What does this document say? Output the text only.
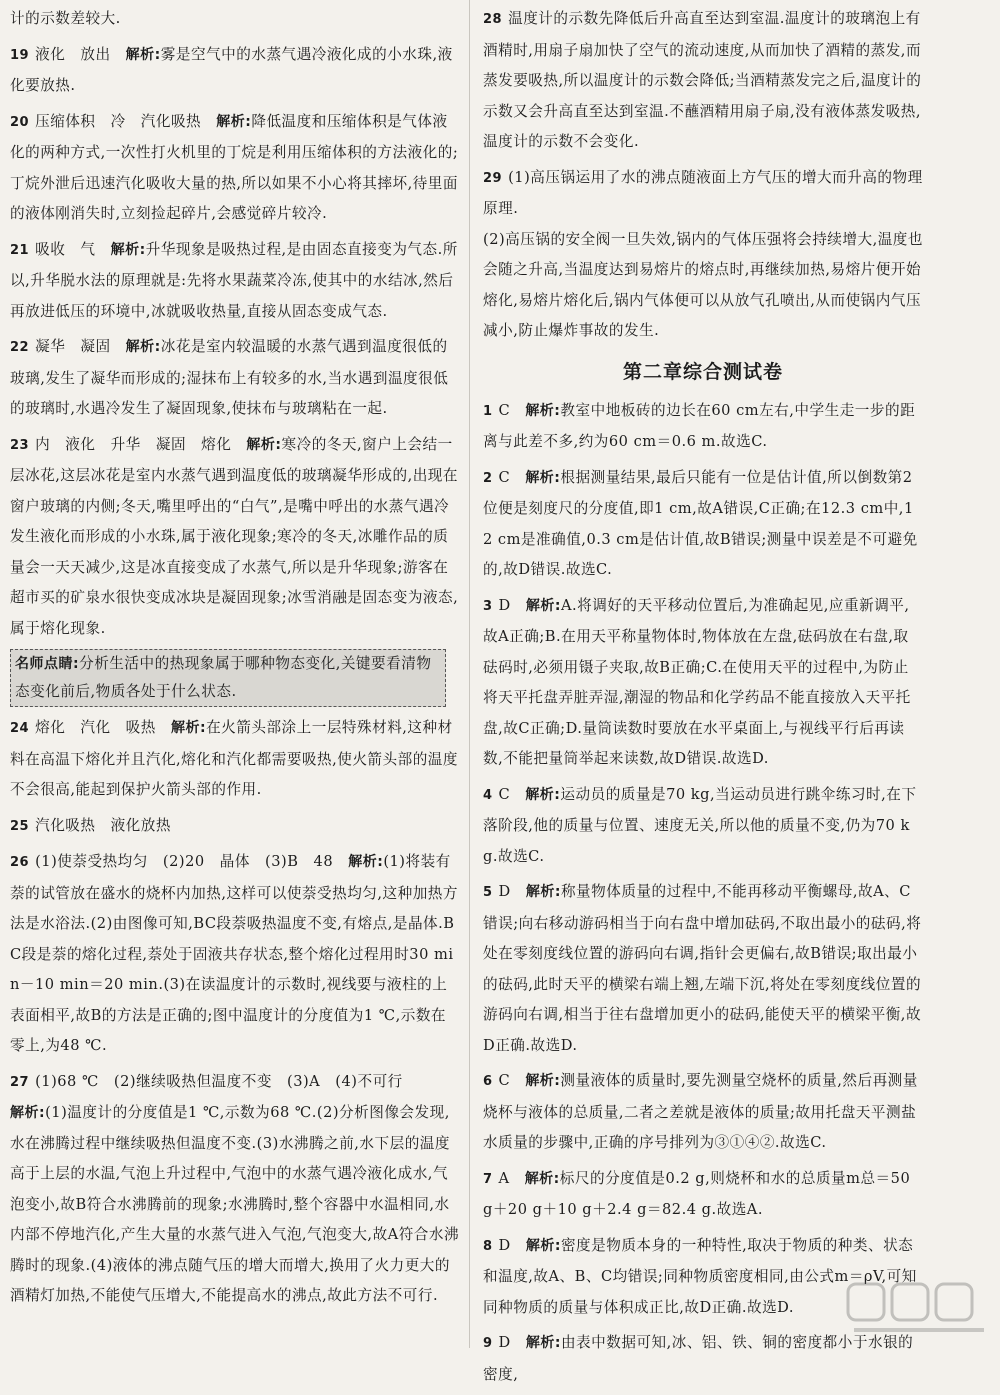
计的示数差较大.
19 液化　放出　解析:雾是空气中的水蒸气遇冷液化成的小水珠,液化要放热.
20 压缩体积　冷　汽化吸热　解析:降低温度和压缩体积是气体液化的两种方式,一次性打火机里的丁烷是利用压缩体积的方法液化的;丁烷外泄后迅速汽化吸收大量的热,所以如果不小心将其摔坏,待里面的液体刚消失时,立刻捡起碎片,会感觉碎片较冷.
21 吸收　气　解析:升华现象是吸热过程,是由固态直接变为气态.所以,升华脱水法的原理就是:先将水果蔬菜冷冻,使其中的水结冰,然后再放进低压的环境中,冰就吸收热量,直接从固态变成气态.
22 凝华　凝固　解析:冰花是室内较温暖的水蒸气遇到温度很低的玻璃,发生了凝华而形成的;湿抹布上有较多的水,当水遇到温度很低的玻璃时,水遇冷发生了凝固现象,使抹布与玻璃粘在一起.
23 内　液化　升华　凝固　熔化　解析:寒冷的冬天,窗户上会结一层冰花,这层冰花是室内水蒸气遇到温度低的玻璃凝华形成的,出现在窗户玻璃的内侧;冬天,嘴里呼出的“白气”,是嘴中呼出的水蒸气遇冷发生液化而形成的小水珠,属于液化现象;寒冷的冬天,冰雕作品的质量会一天天减少,这是冰直接变成了水蒸气,所以是升华现象;游客在超市买的矿泉水很快变成冰块是凝固现象;冰雪消融是固态变为液态,属于熔化现象.
名师点睛:分析生活中的热现象属于哪种物态变化,关键要看清物态变化前后,物质各处于什么状态.
24 熔化　汽化　吸热　解析:在火箭头部涂上一层特殊材料,这种材料在高温下熔化并且汽化,熔化和汽化都需要吸热,使火箭头部的温度不会很高,能起到保护火箭头部的作用.
25 汽化吸热　液化放热
26 (1)使萘受热均匀　(2)20　晶体　(3)B　48　解析:(1)将装有萘的试管放在盛水的烧杯内加热,这样可以使萘受热均匀,这种加热方法是水浴法.(2)由图像可知,BC段萘吸热温度不变,有熔点,是晶体.BC段是萘的熔化过程,萘处于固液共存状态,整个熔化过程用时30 min－10 min＝20 min.(3)在读温度计的示数时,视线要与液柱的上表面相平,故B的方法是正确的;图中温度计的分度值为1 ℃,示数在零上,为48 ℃.
27 (1)68 ℃　(2)继续吸热但温度不变　(3)A　(4)不可行
解析:(1)温度计的分度值是1 ℃,示数为68 ℃.(2)分析图像会发现,水在沸腾过程中继续吸热但温度不变.(3)水沸腾之前,水下层的温度高于上层的水温,气泡上升过程中,气泡中的水蒸气遇冷液化成水,气泡变小,故B符合水沸腾前的现象;水沸腾时,整个容器中水温相同,水内部不停地汽化,产生大量的水蒸气进入气泡,气泡变大,故A符合水沸腾时的现象.(4)液体的沸点随气压的增大而增大,换用了火力更大的酒精灯加热,不能使气压增大,不能提高水的沸点,故此方法不可行.
28 温度计的示数先降低后升高直至达到室温.温度计的玻璃泡上有酒精时,用扇子扇加快了空气的流动速度,从而加快了酒精的蒸发,而蒸发要吸热,所以温度计的示数会降低;当酒精蒸发完之后,温度计的示数又会升高直至达到室温.不蘸酒精用扇子扇,没有液体蒸发吸热,温度计的示数不会变化.
29 (1)高压锅运用了水的沸点随液面上方气压的增大而升高的物理原理.
(2)高压锅的安全阀一旦失效,锅内的气体压强将会持续增大,温度也会随之升高,当温度达到易熔片的熔点时,再继续加热,易熔片便开始熔化,易熔片熔化后,锅内气体便可以从放气孔喷出,从而使锅内气压减小,防止爆炸事故的发生.
第二章综合测试卷
1 C　解析:教室中地板砖的边长在60 cm左右,中学生走一步的距离与此差不多,约为60 cm＝0.6 m.故选C.
2 C　解析:根据测量结果,最后只能有一位是估计值,所以倒数第2位便是刻度尺的分度值,即1 cm,故A错误,C正确;在12.3 cm中,12 cm是准确值,0.3 cm是估计值,故B错误;测量中误差是不可避免的,故D错误.故选C.
3 D　解析:A.将调好的天平移动位置后,为准确起见,应重新调平,故A正确;B.在用天平称量物体时,物体放在左盘,砝码放在右盘,取砝码时,必须用镊子夹取,故B正确;C.在使用天平的过程中,为防止将天平托盘弄脏弄湿,潮湿的物品和化学药品不能直接放入天平托盘,故C正确;D.量筒读数时要放在水平桌面上,与视线平行后再读数,不能把量筒举起来读数,故D错误.故选D.
4 C　解析:运动员的质量是70 kg,当运动员进行跳伞练习时,在下落阶段,他的质量与位置、速度无关,所以他的质量不变,仍为70 kg.故选C.
5 D　解析:称量物体质量的过程中,不能再移动平衡螺母,故A、C错误;向右移动游码相当于向右盘中增加砝码,不取出最小的砝码,将处在零刻度线位置的游码向右调,指针会更偏右,故B错误;取出最小的砝码,此时天平的横梁右端上翘,左端下沉,将处在零刻度线位置的游码向右调,相当于往右盘增加更小的砝码,能使天平的横梁平衡,故D正确.故选D.
6 C　解析:测量液体的质量时,要先测量空烧杯的质量,然后再测量烧杯与液体的总质量,二者之差就是液体的质量;故用托盘天平测盐水质量的步骤中,正确的序号排列为③①④②.故选C.
7 A　解析:标尺的分度值是0.2 g,则烧杯和水的总质量m总＝50 g＋20 g＋10 g＋2.4 g＝82.4 g.故选A.
8 D　解析:密度是物质本身的一种特性,取决于物质的种类、状态和温度,故A、B、C均错误;同种物质密度相同,由公式m＝ρV,可知同种物质的质量与体积成正比,故D正确.故选D.
9 D　解析:由表中数据可知,冰、铝、铁、铜的密度都小于水银的密度,
